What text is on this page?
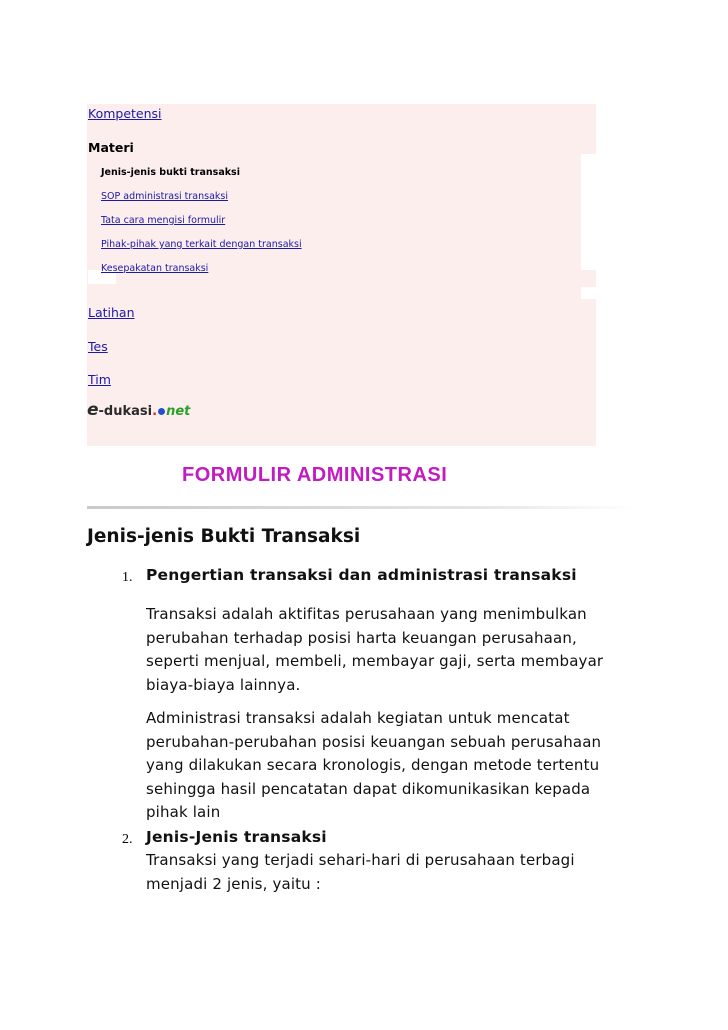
Kompetensi
Materi
Jenis-jenis bukti transaksi
SOP administrasi transaksi
Tata cara mengisi formulir
Pihak-pihak yang terkait dengan transaksi
Kesepakatan transaksi
Latihan
Tes
Tim
e-dukasi. net
FORMULIR ADMINISTRASI
Jenis-jenis Bukti Transaksi
1. Pengertian transaksi dan administrasi transaksi

Transaksi adalah aktifitas perusahaan yang menimbulkan perubahan terhadap posisi harta keuangan perusahaan, seperti menjual, membeli, membayar gaji, serta membayar biaya-biaya lainnya.

Administrasi transaksi adalah kegiatan untuk mencatat perubahan-perubahan posisi keuangan sebuah perusahaan yang dilakukan secara kronologis, dengan metode tertentu sehingga hasil pencatatan dapat dikomunikasikan kepada pihak lain

2. Jenis-Jenis transaksi

Transaksi yang terjadi sehari-hari di perusahaan terbagi menjadi 2 jenis, yaitu :
